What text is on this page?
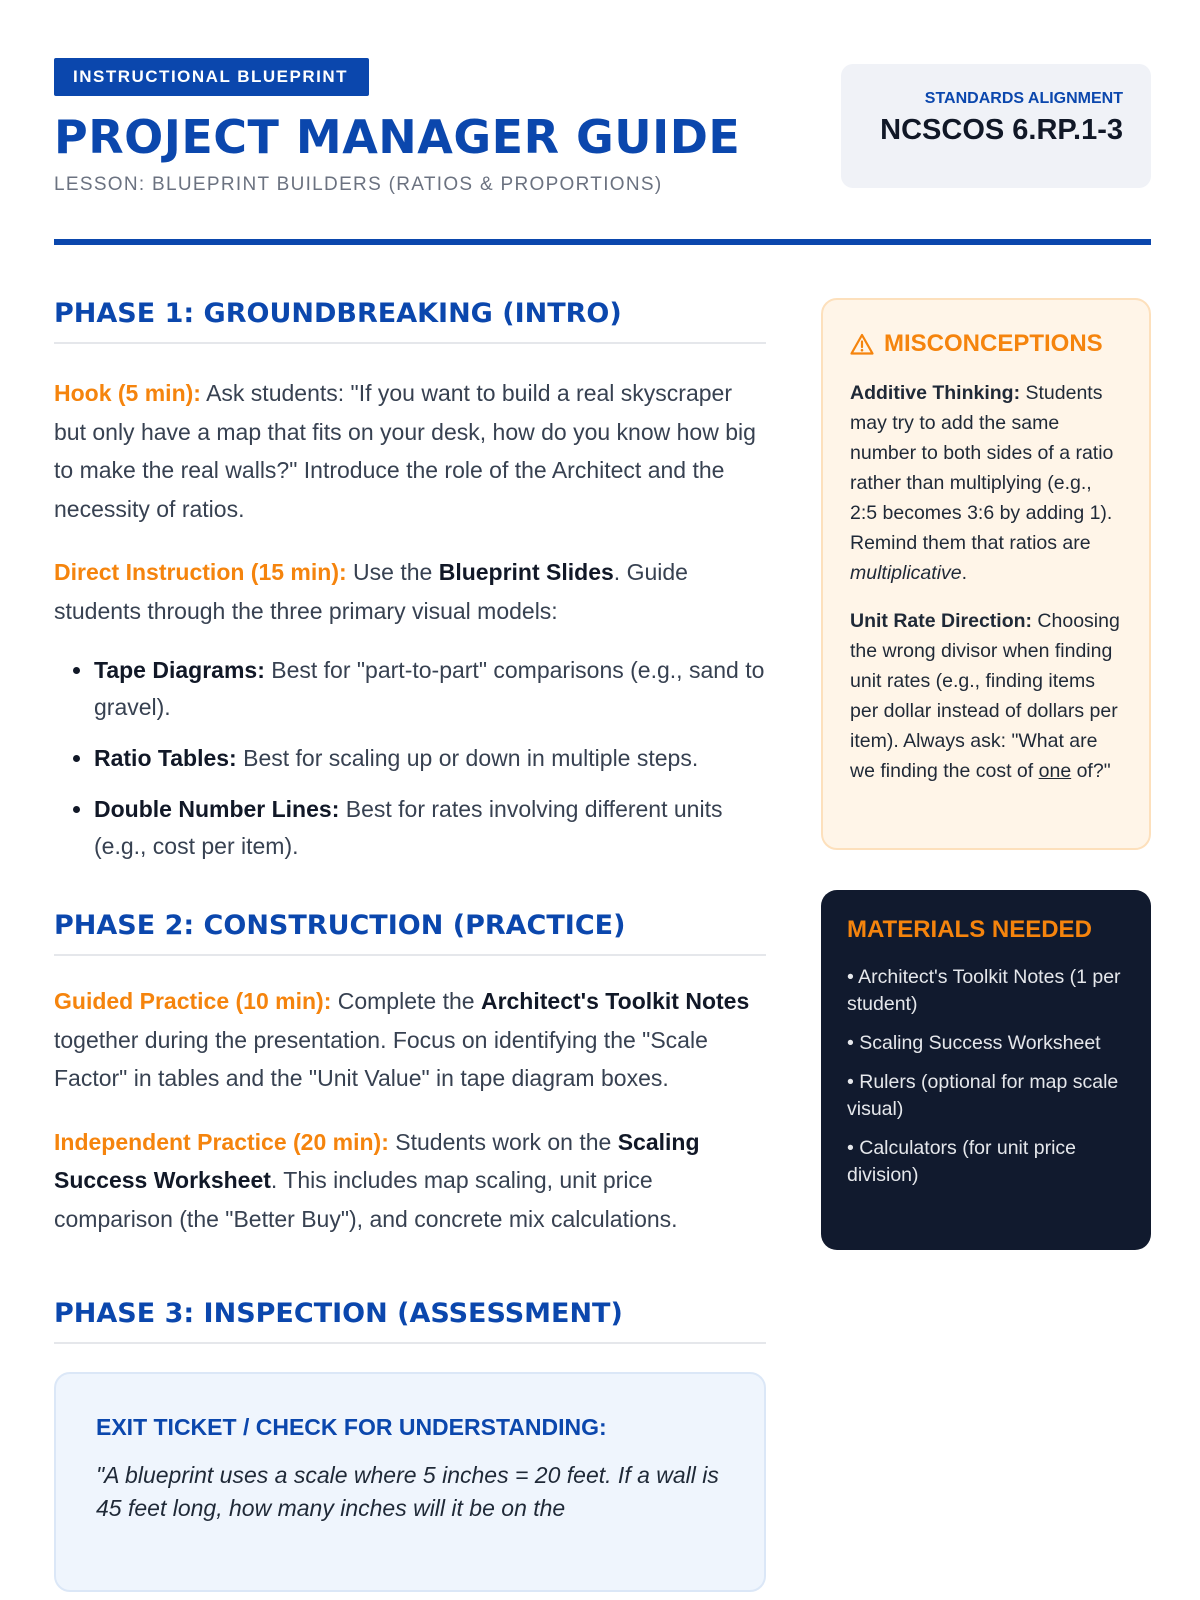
INSTRUCTIONAL BLUEPRINT
PROJECT MANAGER GUIDE
LESSON: BLUEPRINT BUILDERS (RATIOS & PROPORTIONS)
STANDARDS ALIGNMENT
NCSCOS 6.RP.1-3
PHASE 1: GROUNDBREAKING (INTRO)

Hook (5 min): Ask students: "If you want to build a real skyscraper but only have a map that fits on your desk, how do you know how big to make the real walls?" Introduce the role of the Architect and the necessity of ratios.

Direct Instruction (15 min): Use the Blueprint Slides. Guide students through the three primary visual models:

• Tape Diagrams: Best for "part-to-part" comparisons (e.g., sand to gravel).
• Ratio Tables: Best for scaling up or down in multiple steps.
• Double Number Lines: Best for rates involving different units (e.g., cost per item).
PHASE 2: CONSTRUCTION (PRACTICE)

Guided Practice (10 min): Complete the Architect's Toolkit Notes together during the presentation. Focus on identifying the "Scale Factor" in tables and the "Unit Value" in tape diagram boxes.

Independent Practice (20 min): Students work on the Scaling Success Worksheet. This includes map scaling, unit price comparison (the "Better Buy"), and concrete mix calculations.

PHASE 3: INSPECTION (ASSESSMENT)
EXIT TICKET / CHECK FOR UNDERSTANDING:
"A blueprint uses a scale where 5 inches = 20 feet. If a wall is 45 feet long, how many inches will it be on the
MISCONCEPTIONS

Additive Thinking: Students may try to add the same number to both sides of a ratio rather than multiplying (e.g., 2:5 becomes 3:6 by adding 1). Remind them that ratios are multiplicative.

Unit Rate Direction: Choosing the wrong divisor when finding unit rates (e.g., finding items per dollar instead of dollars per item). Always ask: "What are we finding the cost of one of?"

MATERIALS NEEDED
• Architect's Toolkit Notes (1 per student)
• Scaling Success Worksheet
• Rulers (optional for map scale visual)
• Calculators (for unit price division)
